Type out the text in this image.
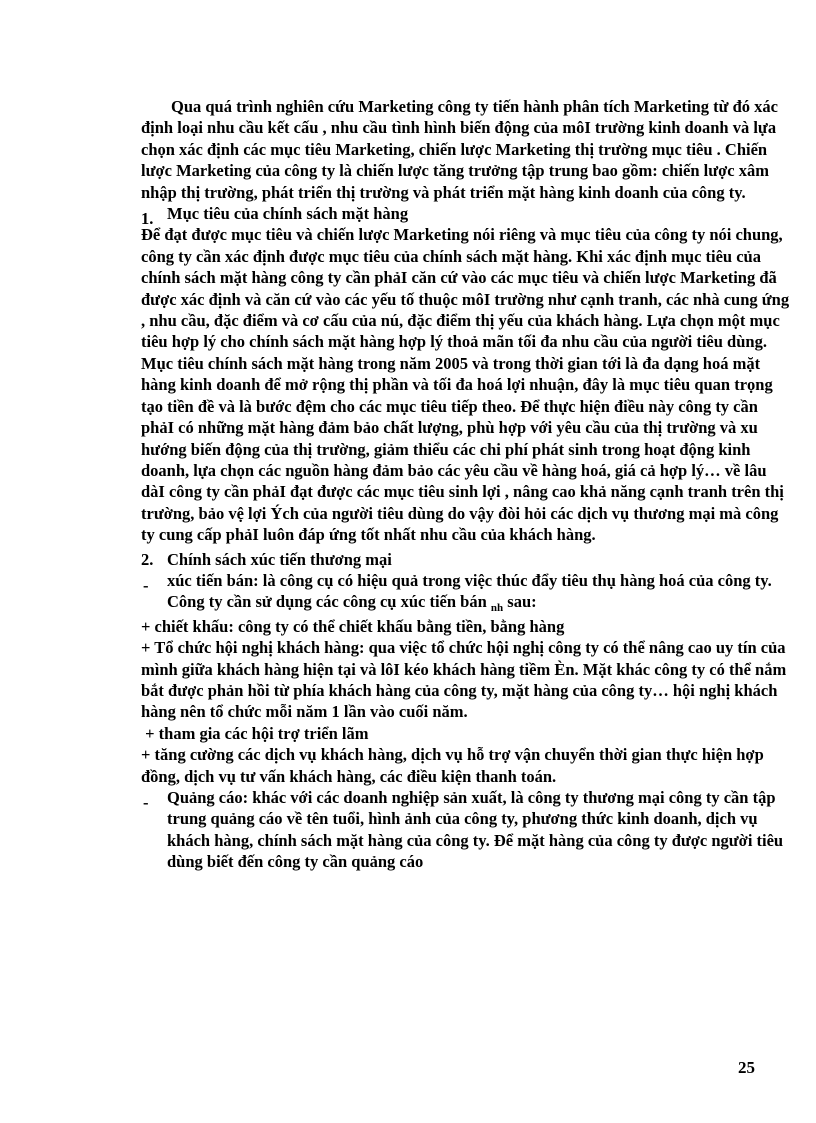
Qua quá trình nghiên cứu Marketing công ty tiến hành phân tích Marketing từ đó xác định loại nhu cầu kết cấu , nhu cầu tình hình biến động của môI trường kinh doanh và lựa chọn xác định các mục tiêu Marketing, chiến lược Marketing thị trường mục tiêu . Chiến lược Marketing của công ty là chiến lược tăng trưởng tập trung bao gồm: chiến lược xâm nhập thị trường, phát triển thị trường và phát triển mặt hàng kinh doanh của công ty.

1. Mục tiêu của chính sách mặt hàng

Để đạt được mục tiêu và chiến lược Marketing nói riêng và mục tiêu của công ty nói chung, công ty cần xác định được mục tiêu của chính sách mặt hàng. Khi xác định mục tiêu của chính sách mặt hàng công ty cần phảI căn cứ vào các mục tiêu và chiến lược Marketing đã được xác định và căn cứ vào các yếu tố thuộc môI trường như cạnh tranh, các nhà cung ứng , nhu cầu, đặc điểm và cơ cấu của nú, đặc điểm thị yếu của khách hàng. Lựa chọn một mục tiêu hợp lý cho chính sách mặt hàng hợp lý thoả mãn tối đa nhu cầu của người tiêu dùng.

Mục tiêu chính sách mặt hàng trong năm 2005 và trong thời gian tới là đa dạng hoá mặt hàng kinh doanh để mở rộng thị phần và tối đa hoá lợi nhuận, đây là mục tiêu quan trọng tạo tiền đề và là bước đệm cho các mục tiêu tiếp theo. Để thực hiện điều này công ty cần phảI có những mặt hàng đảm bảo chất lượng, phù hợp với yêu cầu của thị trường và xu hướng biến động của thị trường, giảm thiểu các chi phí phát sinh trong hoạt động kinh doanh, lựa chọn các nguồn hàng đảm bảo các yêu cầu về hàng hoá, giá cả hợp lý… về lâu dàI công ty cần phảI đạt được các mục tiêu sinh lợi , nâng cao khả năng cạnh tranh trên thị trường, bảo vệ lợi Ých của người tiêu dùng do vậy đòi hỏi các dịch vụ thương mại mà công ty cung cấp phảI luôn đáp ứng tốt nhất nhu cầu của khách hàng.

2. Chính sách xúc tiến thương mại
- xúc tiến bán: là công cụ có hiệu quả trong việc thúc đẩy tiêu thụ hàng hoá của công ty. Công ty cần sử dụng các công cụ xúc tiến bán $_{nh}$ sau:

+ chiết khấu: công ty có thể chiết khấu bằng tiền, bằng hàng

+ Tổ chức hội nghị khách hàng: qua việc tổ chức hội nghị công ty có thể nâng cao uy tín của mình giữa khách hàng hiện tại và lôI kéo khách hàng tiềm Èn. Mặt khác công ty có thể nắm bắt được phản hồi từ phía khách hàng của công ty, mặt hàng của công ty… hội nghị khách hàng nên tổ chức mỗi năm 1 lần vào cuối năm.

+ tham gia các hội trợ triển lãm

+ tăng cường các dịch vụ khách hàng, dịch vụ hỗ trợ vận chuyển thời gian thực hiện hợp đồng, dịch vụ tư vấn khách hàng, các điều kiện thanh toán.

- Quảng cáo: khác với các doanh nghiệp sản xuất, là công ty thương mại công ty cần tập trung quảng cáo về tên tuổi, hình ảnh của công ty, phương thức kinh doanh, dịch vụ khách hàng, chính sách mặt hàng của công ty. Để mặt hàng của công ty được người tiêu dùng biết đến công ty cần quảng cáo
25
